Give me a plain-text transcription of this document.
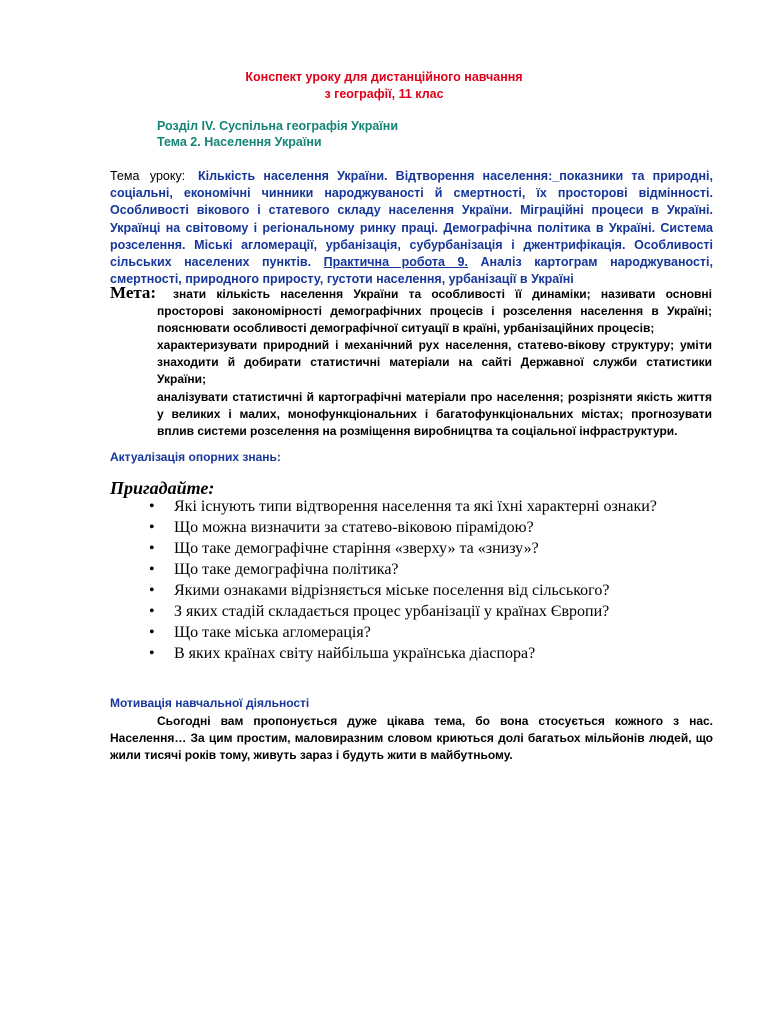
Конспект уроку для дистанційного навчання
з географії, 11 клас
Розділ IV. Суспільна географія України
Тема 2. Населення України
Тема   уроку:	Кількість населення України. Відтворення населення:_показники та природні, соціальні, економічні чинники народжуваності й смертності, їх просторові відмінності. Особливості вікового і статевого складу населення України. Міграційні процеси в Україні. Українці на світовому і регіональному ринку праці. Демографічна політика в Україні. Система розселення. Міські агломерації, урбанізація, субурбанізація і джентрифікація. Особливості сільських населених пунктів. Практична робота 9. Аналіз картограм народжуваності, смертності, природного приросту, густоти населення, урбанізації в Україні
Мета:	знати кількість населення України та особливості її динаміки; називати основні просторові закономірності демографічних процесів і розселення населення в Україні; пояснювати особливості демографічної ситуації в країні, урбанізаційних процесів;

характеризувати природний і механічний рух населення, статево-вікову структуру; уміти знаходити й добирати статистичні матеріали на сайті Державної служби статистики України;

аналізувати статистичні й картографічні матеріали про населення; розрізняти якість життя у великих і малих, монофункціональних і багатофункціональних містах; прогнозувати вплив системи розселення на розміщення виробництва та соціальної інфраструктури.

Актуалізація опорних знань:
Пригадайте:
• Які існують типи відтворення населення та які їхні характерні ознаки?
• Що можна визначити за статево-віковою пірамідою?
• Що таке демографічне старіння «зверху» та «знизу»?
• Що таке демографічна політика?
• Якими ознаками відрізняється міське поселення від сільського?
• З яких стадій складається процес урбанізації у країнах Європи?
• Що таке міська агломерація?
• В яких країнах світу найбільша українська діаспора?
Мотивація навчальної діяльності
Сьогодні вам пропонується дуже цікава тема, бо вона стосується кожного з нас. Населення… За цим простим, маловиразним словом криються долі багатьох мільйонів людей, що жили тисячі років тому, живуть зараз і будуть жити в майбутньому.
